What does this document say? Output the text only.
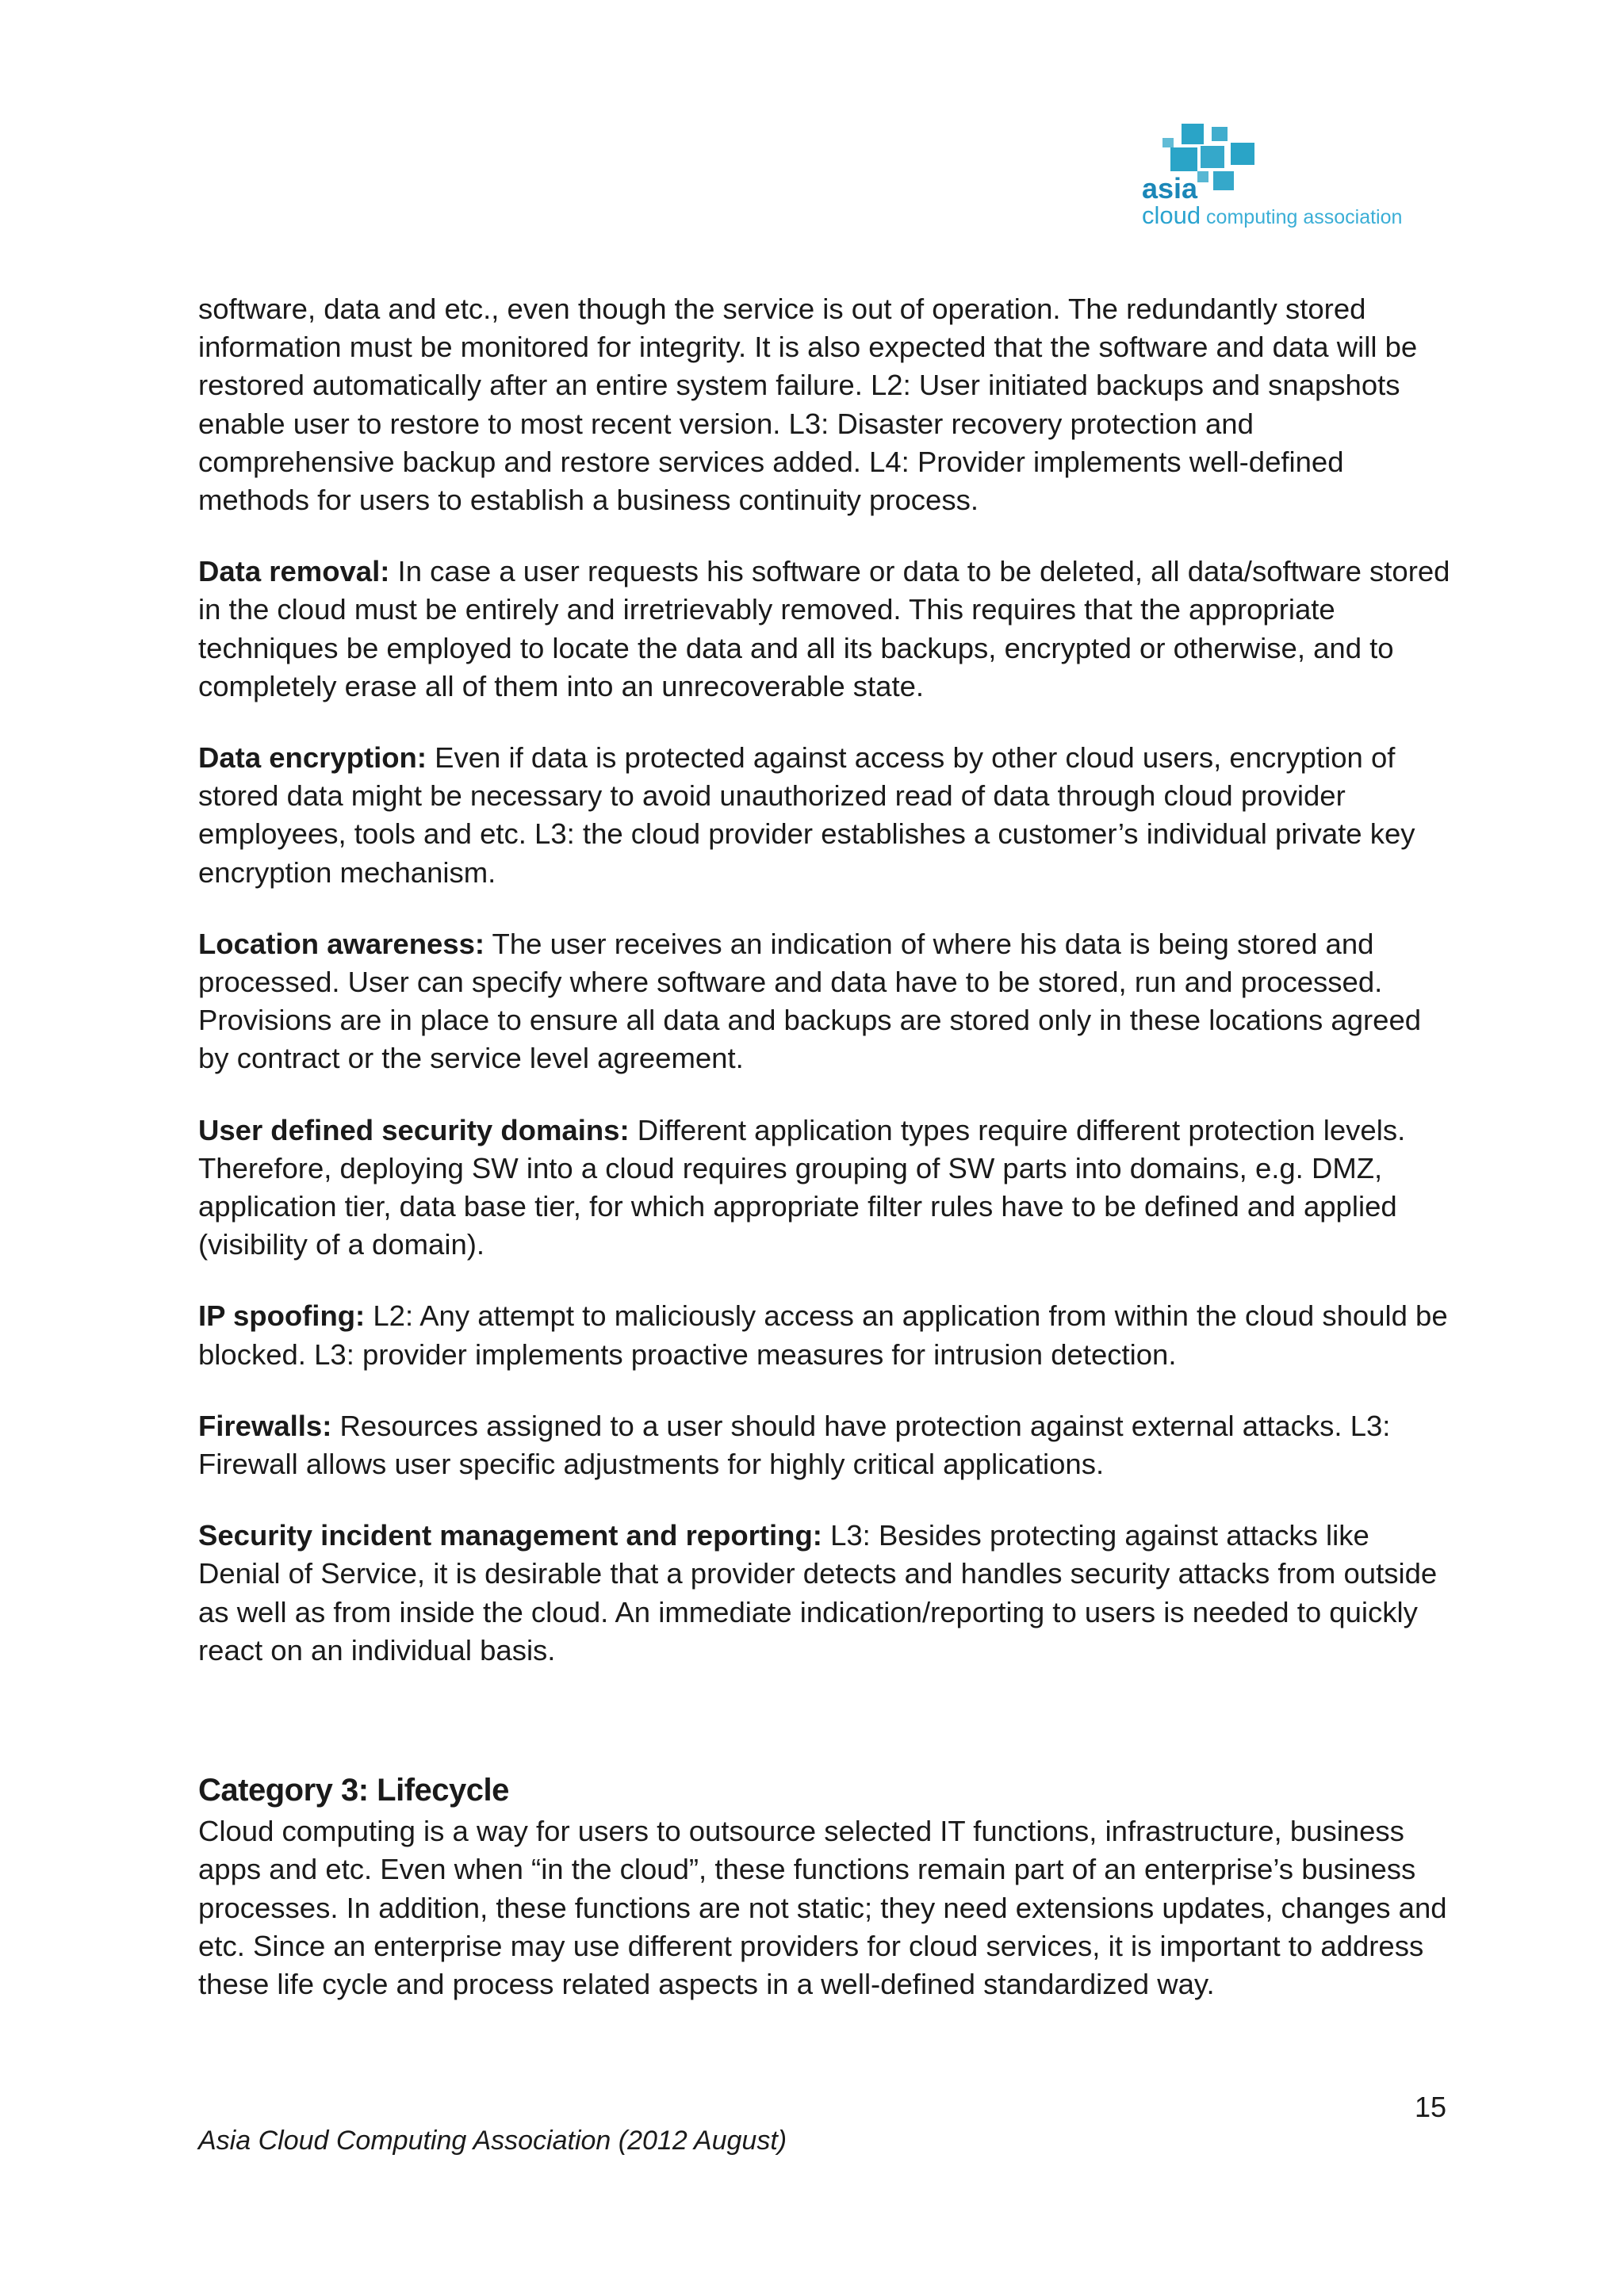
asia
cloud computing association

software, data and etc., even though the service is out of operation. The redundantly stored information must be monitored for integrity. It is also expected that the software and data will be restored automatically after an entire system failure. L2: User initiated backups and snapshots enable user to restore to most recent version. L3: Disaster recovery protection and comprehensive backup and restore services added. L4: Provider implements well-defined methods for users to establish a business continuity process.

Data removal: In case a user requests his software or data to be deleted, all data/software stored in the cloud must be entirely and irretrievably removed. This requires that the appropriate techniques be employed to locate the data and all its backups, encrypted or otherwise, and to completely erase all of them into an unrecoverable state.

Data encryption: Even if data is protected against access by other cloud users, encryption of stored data might be necessary to avoid unauthorized read of data through cloud provider employees, tools and etc. L3: the cloud provider establishes a customer’s individual private key encryption mechanism.

Location awareness: The user receives an indication of where his data is being stored and processed. User can specify where software and data have to be stored, run and processed. Provisions are in place to ensure all data and backups are stored only in these locations agreed by contract or the service level agreement.

User defined security domains: Different application types require different protection levels. Therefore, deploying SW into a cloud requires grouping of SW parts into domains, e.g. DMZ, application tier, data base tier, for which appropriate filter rules have to be defined and applied (visibility of a domain).

IP spoofing: L2: Any attempt to maliciously access an application from within the cloud should be blocked. L3: provider implements proactive measures for intrusion detection.

Firewalls: Resources assigned to a user should have protection against external attacks. L3: Firewall allows user specific adjustments for highly critical applications.

Security incident management and reporting: L3: Besides protecting against attacks like Denial of Service, it is desirable that a provider detects and handles security attacks from outside as well as from inside the cloud. An immediate indication/reporting to users is needed to quickly react on an individual basis.

Category 3: Lifecycle

Cloud computing is a way for users to outsource selected IT functions, infrastructure, business apps and etc. Even when “in the cloud”, these functions remain part of an enterprise’s business processes. In addition, these functions are not static; they need extensions updates, changes and etc. Since an enterprise may use different providers for cloud services, it is important to address these life cycle and process related aspects in a well-defined standardized way.

15
Asia Cloud Computing Association (2012 August)
